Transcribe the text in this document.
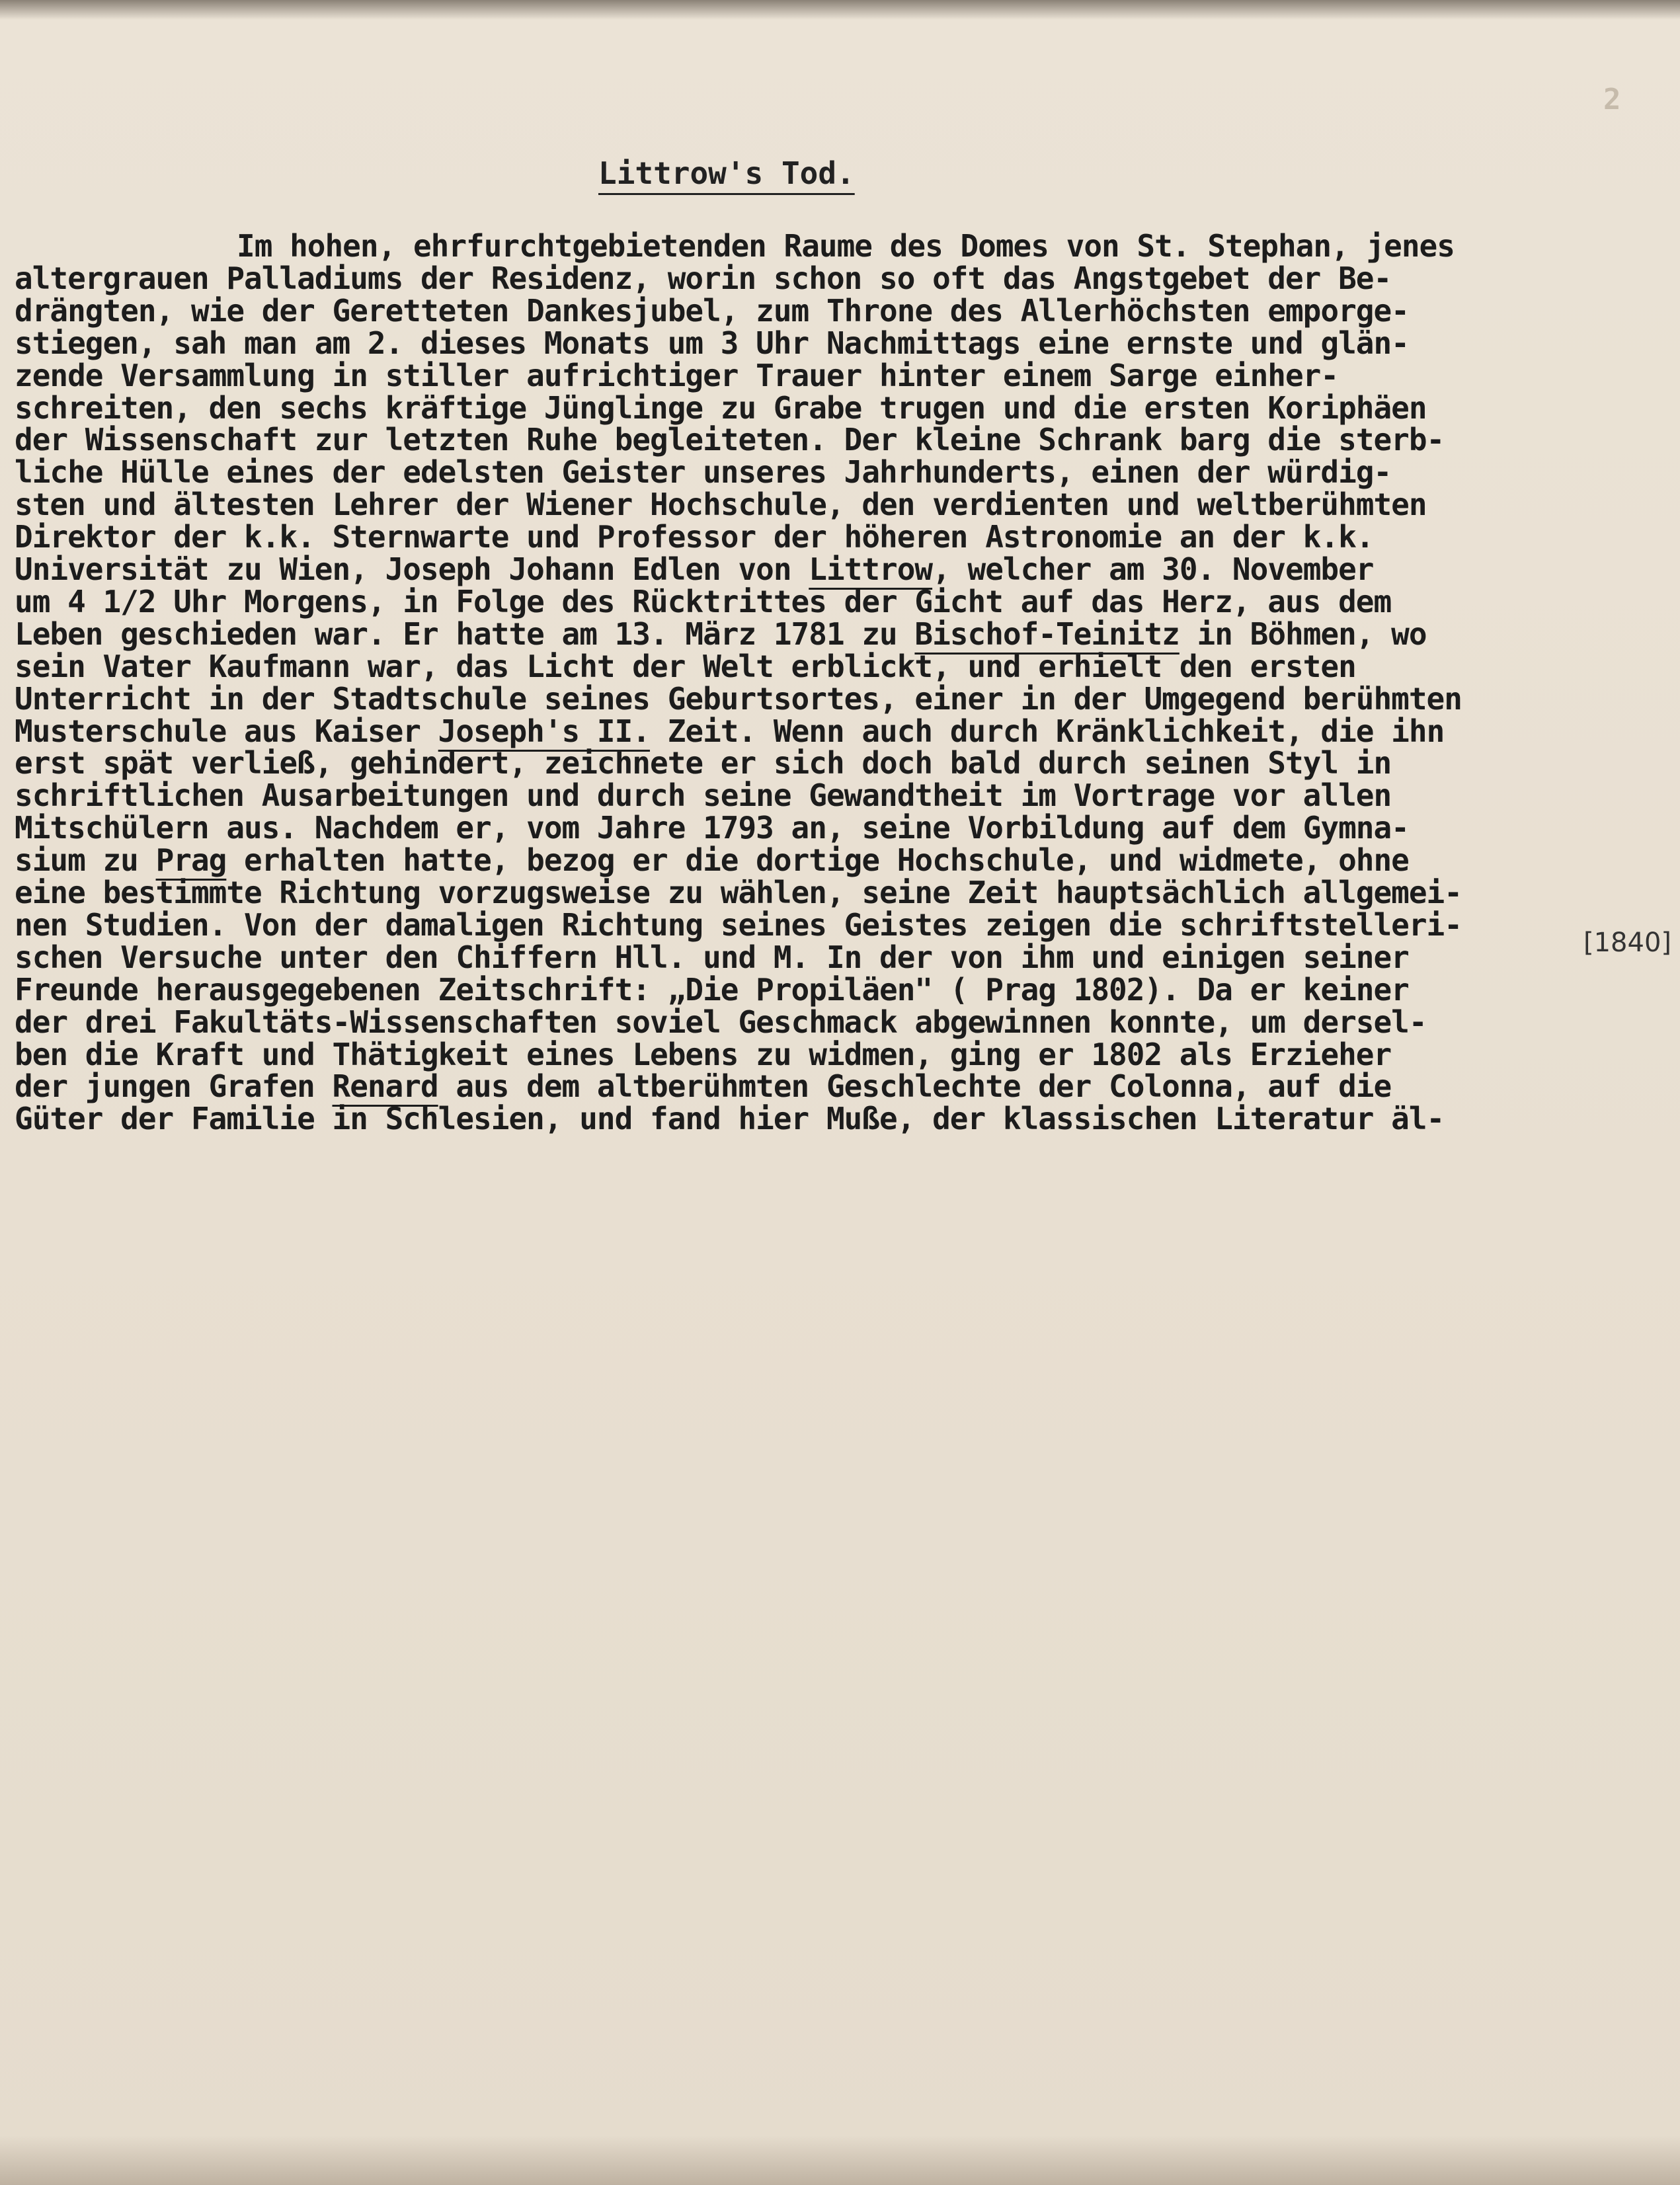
2

Littrow's Tod.

[1840]

Im hohen, ehrfurchtgebietenden Raume des Domes von St. Stephan, jenes

altergrauen Palladiums der Residenz, worin schon so oft das Angstgebet der Be-

drängten, wie der Geretteten Dankesjubel, zum Throne des Allerhöchsten emporge-

stiegen, sah man am 2. dieses Monats um 3 Uhr Nachmittags eine ernste und glän-

zende Versammlung in stiller aufrichtiger Trauer hinter einem Sarge einher-

schreiten, den sechs kräftige Jünglinge zu Grabe trugen und die ersten Koriphäen

der Wissenschaft zur letzten Ruhe begleiteten. Der kleine Schrank barg die sterb-

liche Hülle eines der edelsten Geister unseres Jahrhunderts, einen der würdig-

sten und ältesten Lehrer der Wiener Hochschule, den verdienten und weltberühmten

Direktor der k.k. Sternwarte und Professor der höheren Astronomie an der k.k.

Universität zu Wien, Joseph Johann Edlen von Littrow, welcher am 30. November

um 4 1/2 Uhr Morgens, in Folge des Rücktrittes der Gicht auf das Herz, aus dem

Leben geschieden war. Er hatte am 13. März 1781 zu Bischof-Teinitz in Böhmen, wo

sein Vater Kaufmann war, das Licht der Welt erblickt, und erhielt den ersten

Unterricht in der Stadtschule seines Geburtsortes, einer in der Umgegend berühmten

Musterschule aus Kaiser Joseph's II. Zeit. Wenn auch durch Kränklichkeit, die ihn

erst spät verließ, gehindert, zeichnete er sich doch bald durch seinen Styl in

schriftlichen Ausarbeitungen und durch seine Gewandtheit im Vortrage vor allen

Mitschülern aus. Nachdem er, vom Jahre 1793 an, seine Vorbildung auf dem Gymna-

sium zu Prag erhalten hatte, bezog er die dortige Hochschule, und widmete, ohne

eine bestimmte Richtung vorzugsweise zu wählen, seine Zeit hauptsächlich allgemei-

nen Studien. Von der damaligen Richtung seines Geistes zeigen die schriftstelleri-

schen Versuche unter den Chiffern Hll. und M. In der von ihm und einigen seiner

Freunde herausgegebenen Zeitschrift: „Die Propiläen" ( Prag 1802). Da er keiner

der drei Fakultäts-Wissenschaften soviel Geschmack abgewinnen konnte, um dersel-

ben die Kraft und Thätigkeit eines Lebens zu widmen, ging er 1802 als Erzieher

der jungen Grafen Renard aus dem altberühmten Geschlechte der Colonna, auf die

Güter der Familie in Schlesien, und fand hier Muße, der klassischen Literatur äl-
